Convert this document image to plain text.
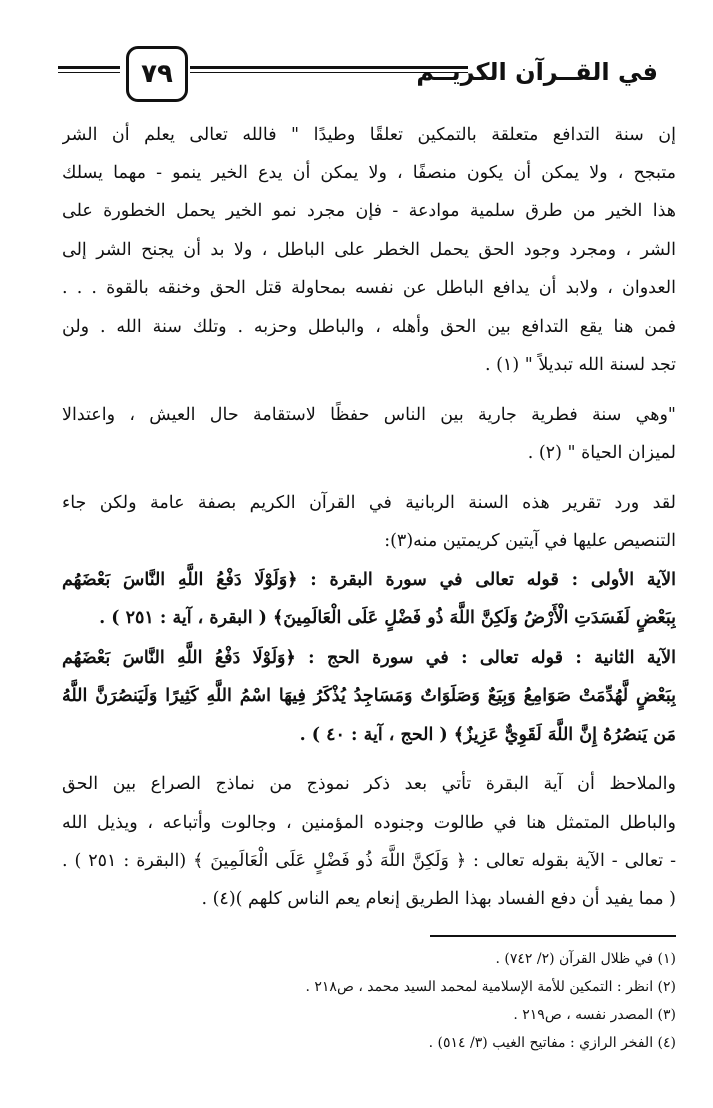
٧٩	في القــرآن الكريــم
إن سنة التدافع متعلقة بالتمكين تعلقًا وطيدًا " فالله تعالى يعلم أن الشر
متبجح ، ولا يمكن أن يكون منصفًا ، ولا يمكن أن يدع الخير ينمو - مهما يسلك
هذا الخير من طرق سلمية موادعة - فإن مجرد نمو الخير يحمل الخطورة على
الشر ، ومجرد وجود الحق يحمل الخطر على الباطل ، ولا بد أن يجنح الشر إلى
العدوان ، ولابد أن يدافع الباطل عن نفسه بمحاولة قتل الحق وخنقه بالقوة . . .
فمن هنا يقع التدافع بين الحق وأهله ، والباطل وحزبه . وتلك سنة الله . ولن
تجد لسنة الله تبديلاً " (١) .
"وهي سنة فطرية جارية بين الناس حفظًا لاستقامة حال العيش ، واعتدالا
لميزان الحياة " (٢) .
لقد ورد تقرير هذه السنة الربانية في القرآن الكريم بصفة عامة ولكن جاء
التنصيص عليها في آيتين كريمتين منه(٣):
الآية الأولى : قوله تعالى في سورة البقرة : ﴿وَلَوْلَا دَفْعُ اللَّهِ النَّاسَ بَعْضَهُم
بِبَعْضٍ لَفَسَدَتِ الْأَرْضُ وَلَكِنَّ اللَّهَ ذُو فَضْلٍ عَلَى الْعَالَمِينَ﴾ ( البقرة ، آية : ٢٥١ ) .
الآية الثانية : قوله تعالى : في سورة الحج : ﴿وَلَوْلَا دَفْعُ اللَّهِ النَّاسَ بَعْضَهُم
بِبَعْضٍ لَّهُدِّمَتْ صَوَامِعُ وَبِيَعٌ وَصَلَوَاتٌ وَمَسَاجِدُ يُذْكَرُ فِيهَا اسْمُ اللَّهِ كَثِيرًا وَلَيَنصُرَنَّ اللَّهُ
مَن يَنصُرُهُ إِنَّ اللَّهَ لَقَوِيٌّ عَزِيزٌ﴾ ( الحج ، آية : ٤٠ ) .
والملاحظ أن آية البقرة تأتي بعد ذكر نموذج من نماذج الصراع بين الحق
والباطل المتمثل هنا في طالوت وجنوده المؤمنين ، وجالوت وأتباعه ، ويذيل الله
- تعالى - الآية بقوله تعالى : ﴿ وَلَكِنَّ اللَّهَ ذُو فَضْلٍ عَلَى الْعَالَمِينَ ﴾ (البقرة : ٢٥١ ) .
( مما يفيد أن دفع الفساد بهذا الطريق إنعام يعم الناس كلهم )(٤) .
(١) في ظلال القرآن (٢/ ٧٤٢) .
(٢) انظر : التمكين للأمة الإسلامية لمحمد السيد محمد ، ص٢١٨ .
(٣) المصدر نفسه ، ص٢١٩ .
(٤) الفخر الرازي : مفاتيح الغيب (٣/ ٥١٤) .
